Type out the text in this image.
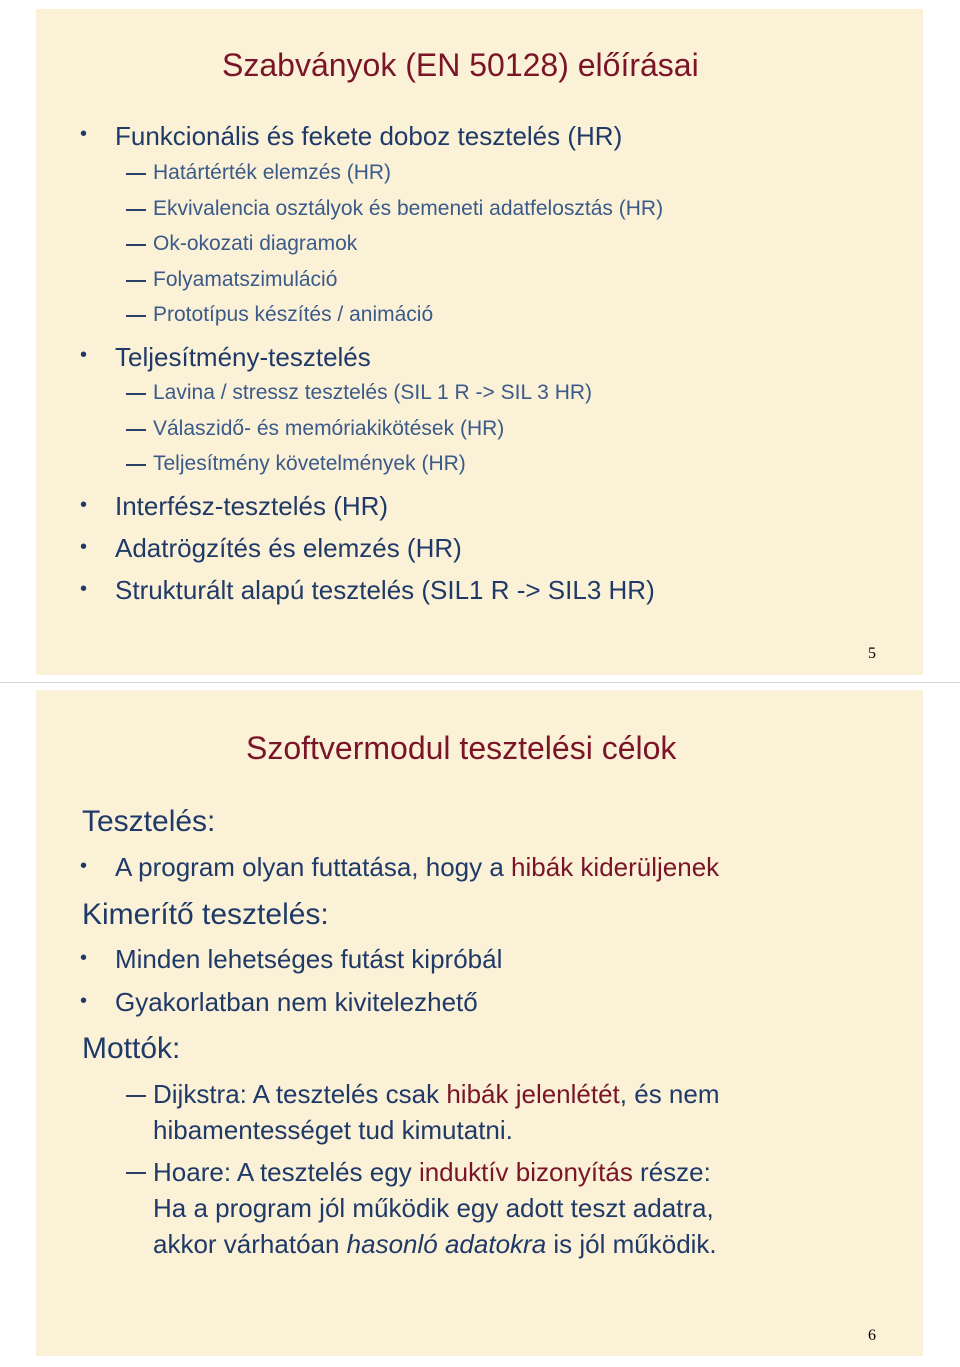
Szabványok (EN 50128) előírásai
• Funkcionális és fekete doboz tesztelés (HR)
Határtérték elemzés (HR)
Ekvivalencia osztályok és bemeneti adatfelosztás (HR)
Ok-okozati diagramok
Folyamatszimuláció
Prototípus készítés / animáció
• Teljesítmény-tesztelés
Lavina / stressz tesztelés (SIL 1 R -> SIL 3 HR)
Válaszidő- és memóriakikötések (HR)
Teljesítmény követelmények (HR)
• Interfész-tesztelés (HR)
• Adatrögzítés és elemzés (HR)
• Strukturált alapú tesztelés (SIL1 R -> SIL3 HR)
5
Szoftvermodul tesztelési célok
Tesztelés:
• A program olyan futtatása, hogy a hibák kiderüljenek
Kimerítő tesztelés:
• Minden lehetséges futást kipróbál
• Gyakorlatban nem kivitelezhető
Mottók:
Dijkstra: A tesztelés csak hibák jelenlétét, és nem
hibamentességet tud kimutatni.
Hoare: A tesztelés egy induktív bizonyítás része:
Ha a program jól működik egy adott teszt adatra,
akkor várhatóan hasonló adatokra is jól működik.
6
